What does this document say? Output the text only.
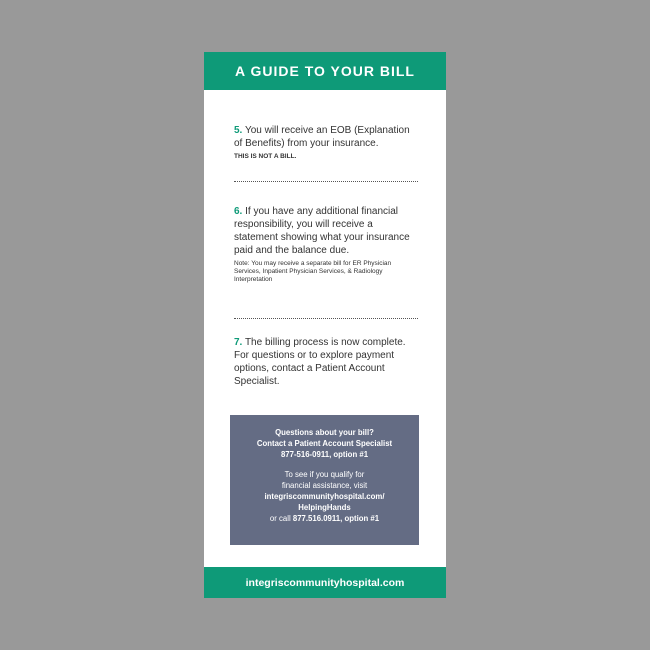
A GUIDE TO YOUR BILL
5. You will receive an EOB (Explanation of Benefits) from your insurance.
THIS IS NOT A BILL.
6. If you have any additional financial responsibility, you will receive a statement showing what your insurance paid and the balance due.
Note: You may receive a separate bill for ER Physician Services, Inpatient Physician Services, & Radiology Interpretation
7. The billing process is now complete. For questions or to explore payment options, contact a Patient Account Specialist.
Questions about your bill?
Contact a Patient Account Specialist
877-516-0911, option #1
To see if you qualify for
financial assistance, visit
integriscommunityhospital.com/
HelpingHands
or call 877.516.0911, option #1
integriscommunityhospital.com
